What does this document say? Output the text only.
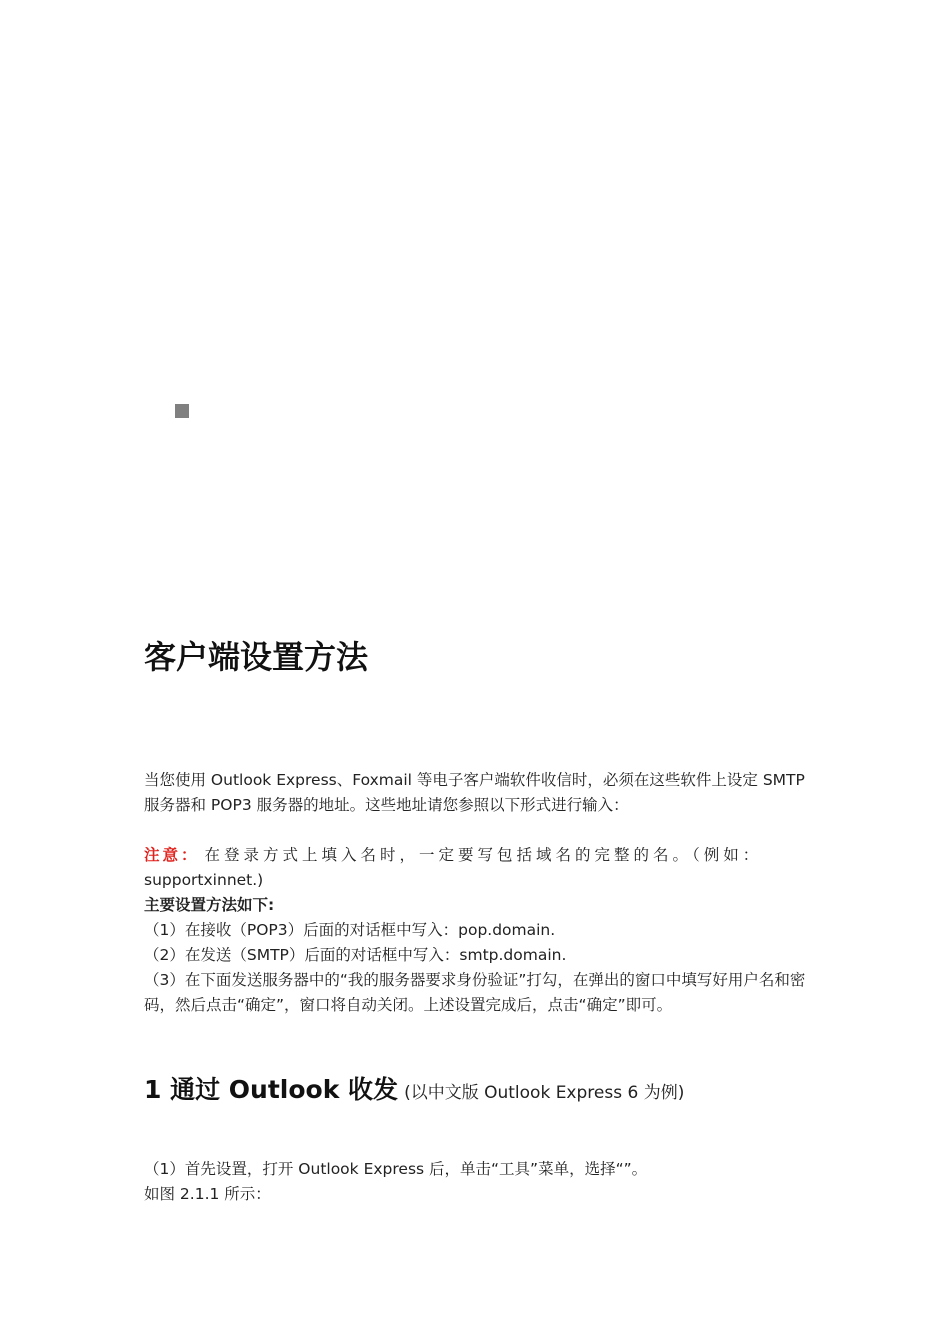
客户端设置方法

当您使用 Outlook Express、Foxmail 等电子客户端软件收信时，必须在这些软件上设定 SMTP 服务器和 POP3 服务器的地址。这些地址请您参照以下形式进行输入：

注意： 在登录方式上填入名时，一定要写包括域名的完整的名。（例如：
supportxinnet.)
主要设置方法如下:
（1）在接收（POP3）后面的对话框中写入：pop.domain.
（2）在发送（SMTP）后面的对话框中写入：smtp.domain.
（3）在下面发送服务器中的“我的服务器要求身份验证”打勾，在弹出的窗口中填写好用户名和密码，然后点击“确定”，窗口将自动关闭。上述设置完成后，点击“确定”即可。
1 通过 Outlook 收发 (以中文版 Outlook Express 6 为例)
（1）首先设置，打开 Outlook Express 后，单击“工具”菜单，选择“”。
如图 2.1.1 所示：
